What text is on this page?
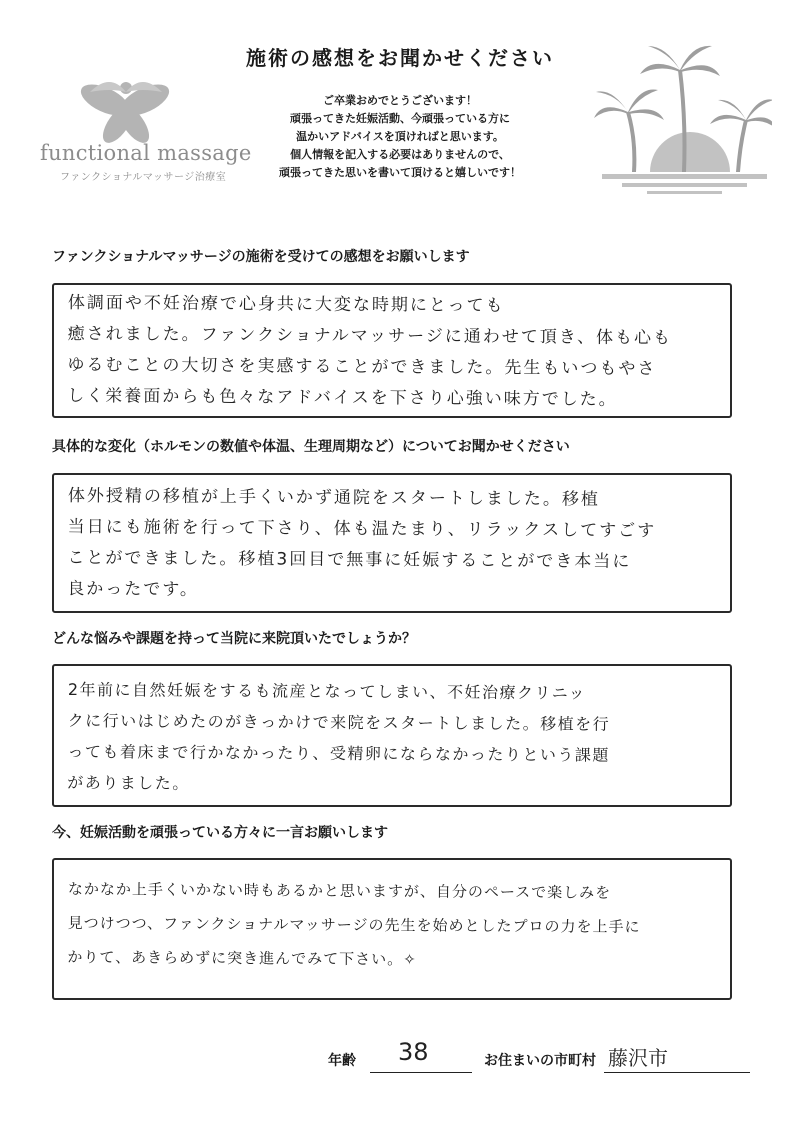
施術の感想をお聞かせください
ご卒業おめでとうございます！
頑張ってきた妊娠活動、今頑張っている方に
温かいアドバイスを頂ければと思います。
個人情報を記入する必要はありませんので、
頑張ってきた思いを書いて頂けると嬉しいです！
functional massage
ファンクショナルマッサージ治療室
ファンクショナルマッサージの施術を受けての感想をお願いします
体調面や不妊治療で心身共に大変な時期にとっても
癒されました。ファンクショナルマッサージに通わせて頂き、体も心も
ゆるむことの大切さを実感することができました。先生もいつもやさ
しく栄養面からも色々なアドバイスを下さり心強い味方でした。
具体的な変化（ホルモンの数値や体温、生理周期など）についてお聞かせください
体外授精の移植が上手くいかず通院をスタートしました。移植
当日にも施術を行って下さり、体も温たまり、リラックスしてすごす
ことができました。移植3回目で無事に妊娠することができ本当に
良かったです。
どんな悩みや課題を持って当院に来院頂いたでしょうか？
2年前に自然妊娠をするも流産となってしまい、不妊治療クリニッ
クに行いはじめたのがきっかけで来院をスタートしました。移植を行
っても着床まで行かなかったり、受精卵にならなかったりという課題
がありました。
今、妊娠活動を頑張っている方々に一言お願いします
なかなか上手くいかない時もあるかと思いますが、自分のペースで楽しみを
見つけつつ、ファンクショナルマッサージの先生を始めとしたプロの力を上手に
かりて、あきらめずに突き進んでみて下さい。✧
年齢 38	お住まいの市町村 藤沢市
